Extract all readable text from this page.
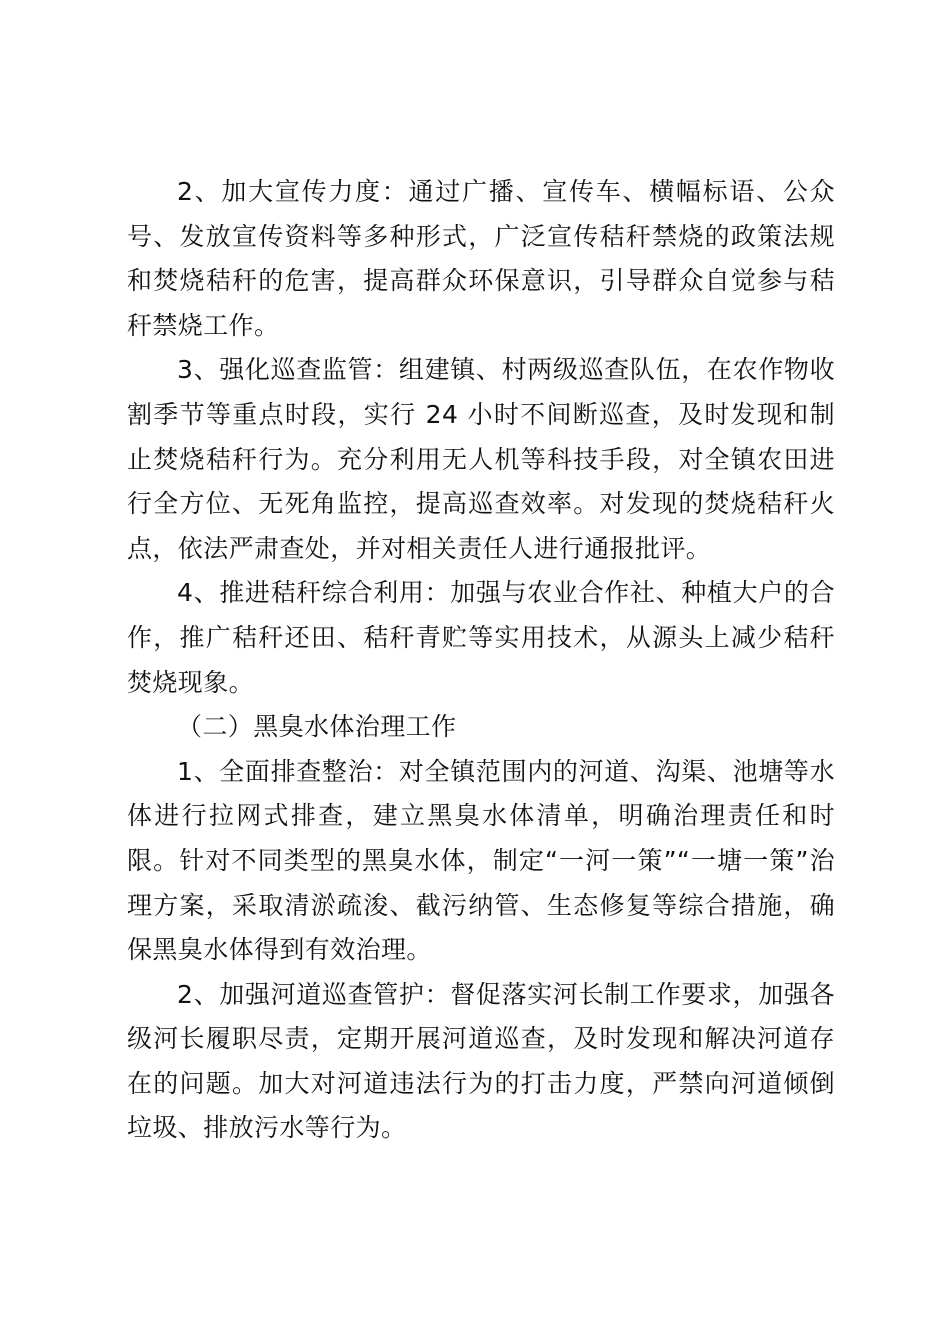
2、加大宣传力度：通过广播、宣传车、横幅标语、公众号、发放宣传资料等多种形式，广泛宣传秸秆禁烧的政策法规和焚烧秸秆的危害，提高群众环保意识，引导群众自觉参与秸秆禁烧工作。

3、强化巡查监管：组建镇、村两级巡查队伍，在农作物收割季节等重点时段，实行 24 小时不间断巡查，及时发现和制止焚烧秸秆行为。充分利用无人机等科技手段，对全镇农田进行全方位、无死角监控，提高巡查效率。对发现的焚烧秸秆火点，依法严肃查处，并对相关责任人进行通报批评。

4、推进秸秆综合利用：加强与农业合作社、种植大户的合作，推广秸秆还田、秸秆青贮等实用技术，从源头上减少秸秆焚烧现象。

（二）黑臭水体治理工作

1、全面排查整治：对全镇范围内的河道、沟渠、池塘等水体进行拉网式排查，建立黑臭水体清单，明确治理责任和时限。针对不同类型的黑臭水体，制定“一河一策”“一塘一策”治理方案，采取清淤疏浚、截污纳管、生态修复等综合措施，确保黑臭水体得到有效治理。

2、加强河道巡查管护：督促落实河长制工作要求，加强各级河长履职尽责，定期开展河道巡查，及时发现和解决河道存在的问题。加大对河道违法行为的打击力度，严禁向河道倾倒垃圾、排放污水等行为。
